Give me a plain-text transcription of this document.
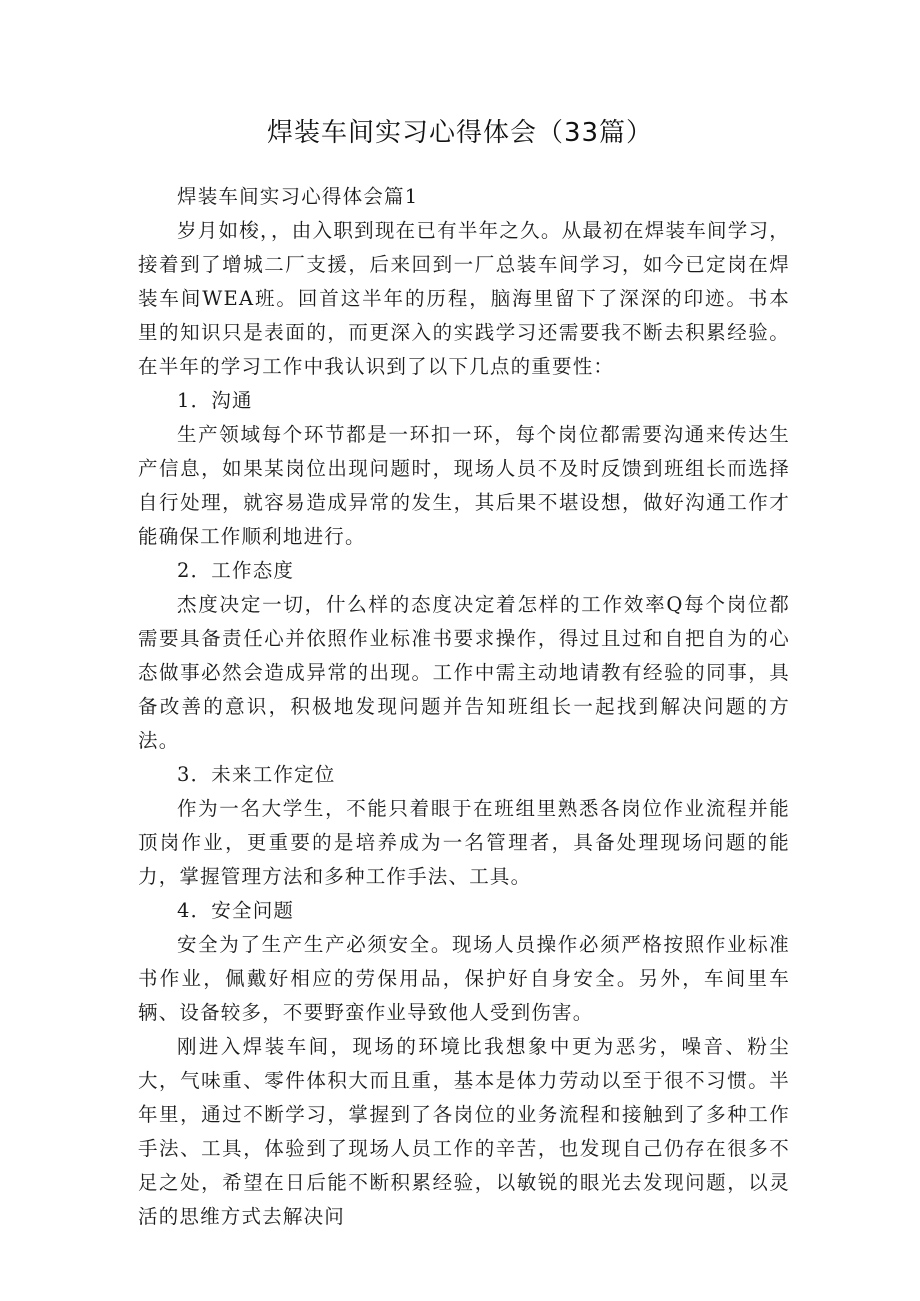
焊装车间实习心得体会（33篇）

焊装车间实习心得体会篇1

岁月如梭，，由入职到现在已有半年之久。从最初在焊装车间学习，接着到了增城二厂支援，后来回到一厂总装车间学习，如今已定岗在焊装车间WEA班。回首这半年的历程，脑海里留下了深深的印迹。书本里的知识只是表面的，而更深入的实践学习还需要我不断去积累经验。在半年的学习工作中我认识到了以下几点的重要性：

1．沟通

生产领域每个环节都是一环扣一环，每个岗位都需要沟通来传达生产信息，如果某岗位出现问题时，现场人员不及时反馈到班组长而选择自行处理，就容易造成异常的发生，其后果不堪设想，做好沟通工作才能确保工作顺利地进行。

2．工作态度

杰度决定一切，什么样的态度决定着怎样的工作效率Q每个岗位都需要具备责任心并依照作业标准书要求操作，得过且过和自把自为的心态做事必然会造成异常的出现。工作中需主动地请教有经验的同事，具备改善的意识，积极地发现问题并告知班组长一起找到解决问题的方法。

3．未来工作定位

作为一名大学生，不能只着眼于在班组里熟悉各岗位作业流程并能顶岗作业，更重要的是培养成为一名管理者，具备处理现场问题的能力，掌握管理方法和多种工作手法、工具。

4．安全问题

安全为了生产生产必须安全。现场人员操作必须严格按照作业标准书作业，佩戴好相应的劳保用品，保护好自身安全。另外，车间里车辆、设备较多，不要野蛮作业导致他人受到伤害。

刚进入焊装车间，现场的环境比我想象中更为恶劣，噪音、粉尘大，气味重、零件体积大而且重，基本是体力劳动以至于很不习惯。半年里，通过不断学习，掌握到了各岗位的业务流程和接触到了多种工作手法、工具，体验到了现场人员工作的辛苦，也发现自己仍存在很多不足之处，希望在日后能不断积累经验，以敏锐的眼光去发现问题，以灵活的思维方式去解决问
